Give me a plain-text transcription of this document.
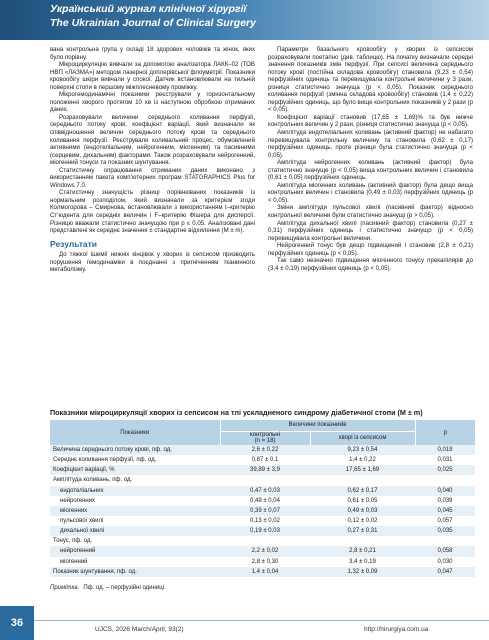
Український журнал клінічної хірургії
The Ukrainian Journal of Clinical Surgery

вана контрольна група у складі 18 здорових чоловіків та жінок, яких було порівну.

Мікроциркуляцію вивчали за допомогою аналізатора ЛАКК–02 (ТОВ НВП «ЛАЗМА») методом лазерної доплерівської флоуметрії. Показники кровообігу шкіри вивчали у спокої. Датчик встановлювали на тильній поверхні стопи в першому міжплесневому проміжку.

Мікрогемодинамічні показники реєстрували у горизонтальному положенні хворого протягом 10 хв із наступною обробкою отриманих даних.

Розраховували величини середнього коливання перфузії, середнього потоку крові, коефіцієнт варіації, який визначали як співвідношення величин середнього потоку крові та середнього коливання перфузії. Реєстрували коливальний процес, обумовлений активними (ендотеліальним, нейрогенним, міогенним) та пасивними (серцевим, дихальним) факторами. Також розраховували нейрогенний, міогенний тонуси та показник шунтування.

Статистичну опрацювання отриманих даних виконано з використанням пакета комп’ютерних програм STATGRAPHICS Plus for Windows 7.0.

Статистичну значущість різниці порівнюваних показників із нормальним розподілом, який визначали за критерієм згоди Колмогорова – Смирнова, встановлювали з використанням t–критерію Ст’юдента для середніх величин і F–критерію Фішера для дисперсії. Різницю вважали статистично значущою при p ≤ 0,05. Аналізовані дані представлені як середнє значення ± стандартне відхилення (M ± m).

Результати

До тяжкої ішемії нижніх кінцівок у хворих із сепсисом призводить порушення гемодинаміки в поєднанні з пригніченням тканинного метаболізму.

Параметри базального кровообігу у хворих із сепсисом розраховували поетапно (див. таблицю). На початку визначали середні значення показників змін перфузії. При сепсисі величина середнього потоку крові (постійна складова кровообігу) становила (9,23 ± 0,54) перфузійних одиниць та перевищувала контрольні величини у 3 рази, різниця статистично значуща (p < 0,05). Показник середнього коливання перфузії (змінна складова кровообігу) становив (1,4 ± 0,22) перфузійних одиниць, що було вище контрольних показників у 2 рази (p < 0,05).

Коефіцієнт варіації становив (17,65 ± 1,69)% та був нижче контрольних величин у 2 рази, різниця статистично значуща (p < 0,05).

Амплітуда ендотеліальних коливань (активний фактор) не набагато перевищувала контрольну величину та становила (0,62 ± 0,17) перфузійних одиниць, проте різниця була статистично значуща (p < 0,05).

Амплітуда нейрогенних коливань (активний фактор) була статистично значуще (p < 0,05) вища контрольних величин і становила (0,61 ± 0,05) перфузійних одиниць.

Амплітуда міогенних коливань (активний фактор) була дещо вища контрольних величин і становила (0,49 ± 0,03) перфузійних одиниць (p < 0,05).

Зміни амплітуди пульсової хвилі (пасивний фактор) відносно контрольної величини були статистично значущі (p > 0,05).

Амплітуда дихальної хвилі (пасивний фактор) становила (0,27 ± 0,31) перфузійних одиниць і статистично значущо (p < 0,05) перевищувала контрольні величини.

Нейрогенний тонус був дещо підвищений і становив (2,8 ± 0,21) перфузійних одиниць (p < 0,05).

Так само незначно підвищення міогенного тонусу прекапілярів до (3,4 ± 0,19) перфузійних одиниць (p < 0,05).

Показники мікроциркуляції хворих із сепсисом на тлі ускладненого синдрому діабетичної стопи (M ± m)
Показники	Величини показників		p

	контрольні
(n = 18)	хворі із сепсисом	
Величина середнього потоку крові, пф. од.	2,6 ± 0,22	9,23 ± 0,54	0,019
Середнє коливання перфузії, пф. од.	0,87 ± 0,1	1,4 ± 0,22	0,031
Коефіцієнт варіації, %	39,89 ± 3,9	17,65 ± 1,69	0,025
Амплітуда коливань, пф. од.			
ендотеліальних	0,47 ± 0,03	0,62 ± 0,17	0,040
нейрогенних	0,49 ± 0,04	0,61 ± 0,05	0,039
міогенних	0,39 ± 0,07	0,49 ± 0,03	0,045
пульсової хвилі	0,13 ± 0,02	0,12 ± 0,02	0,057
дихальної хвилі	0,19 ± 0,03	0,27 ± 0,31	0,035
Тонус, пф. од.			
нейрогенний	2,2 ± 0,02	2,8 ± 0,21	0,058
міогенний	2,8 ± 0,30	3,4 ± 0,19	0,030
Показник шунтування, пф. од.	1,4 ± 0,04	1,32 ± 0,09	0,047
Примітка. Пф. од. – перфузійні одиниці.
36
UJCS, 2026 March/April; 93(2)	http://hirurgiya.com.ua
